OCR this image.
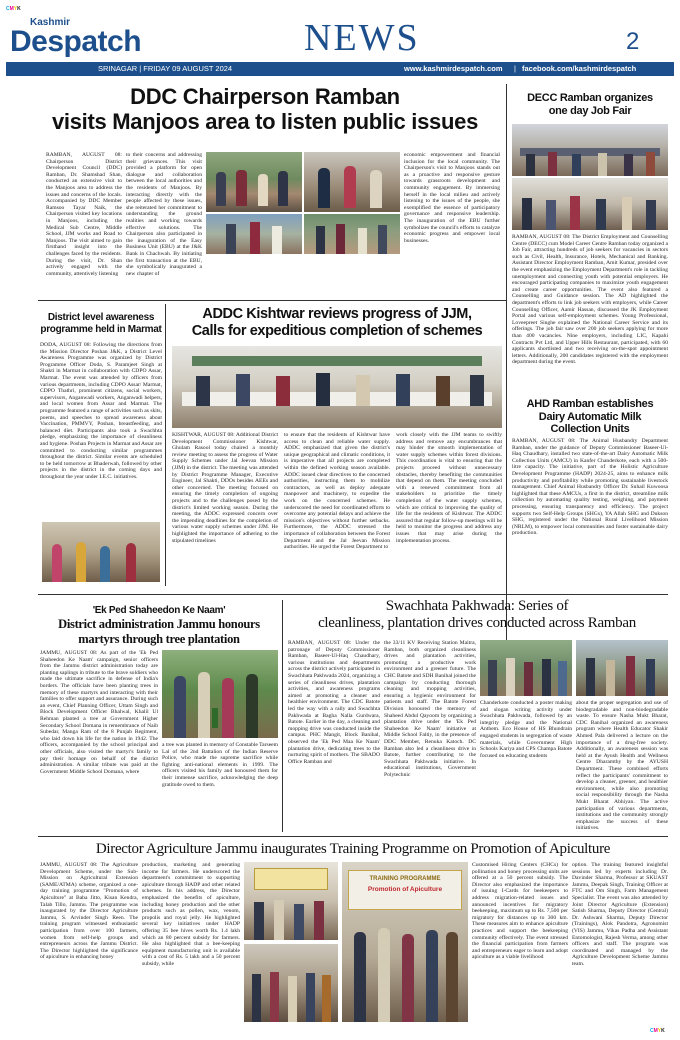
CMYK
Kashmir
Despatch	NEWS	2
SRINAGAR | FRIDAY 09 AUGUST 2024	www.kashmirdespatch.com | facebook.com/kashmirdespatch
DDC Chairperson Ramban
visits Manjoos area to listen public issues
RAMBAN, AUGUST 08: Chairperson District Development Council (DDC) Ramban, Dr. Shamshad Shan, conducted an extensive visit to the Manjoos area to address the issues and concerns of the locals. Accompanied by DDC Member Ramsoo Tayar Naik, the Chairperson visited key locations in Manjoos, including the Medical Sub Centre, Middle School, JJM works and Road to Manjoos. The visit aimed to gain firsthand insight into the challenges faced by the residents. During the visit, Dr. Shan actively engaged with the community, attentively listening
to their concerns and addressing their grievances. This visit provided a platform for open dialogue and collaboration between the local authorities and the residents of Manjoos. By interacting directly with the people affected by these issues, she reiterated her commitment to understanding the ground realities and working towards effective solutions. The Chairperson also participated in the inauguration of the Easy Business Unit (EBU) at the J&K Bank in Chachwah. By initiating the first transaction at the EBU, she symbolically inaugurated a new chapter of
economic empowerment and financial inclusion for the local community. The Chairperson's visit to Manjoos stands out as a proactive and responsive gesture towards grassroots development and community engagement. By immersing herself in the local milieu and actively listening to the issues of the people, she exemplified the essence of participatory governance and responsive leadership. The inauguration of the EBU further symbolizes the council's efforts to catalyze economic progress and empower local businesses.
DECC Ramban organizes
one day Job Fair
RAMBAN, AUGUST 08: The District Employment and Counselling Centre (DECC) cum Model Career Centre Ramban today organized a Job Fair, attracting hundreds of job seekers for vacancies in sectors such as Civil, Health, Insurance, Hotels, Mechanical and Banking. Assistant Director Employment Ramban, Amit Kumar, presided over the event emphasizing the Employment Department's role in tackling unemployment and connecting youth with potential employers. He encouraged participating companies to maximize youth engagement and create career opportunities. The event also featured a Counselling and Guidance session. The AD highlighted the department's efforts to link job seekers with employers, while Career Counselling Officer, Aamir Hassan, discussed the JK Employment Portal and various self-employment schemes. Young Professional, Loveepreet Singhe explained the National Career Service and its offerings. The job fair saw over 200 job seekers applying for more than 400 vacancies. Nine employers, including LIC, Kapahi Contracts Pvt Ltd, and Upper Hills Restaurant, participated, with 60 applicants shortlisted and two receiving on-the-spot appointment letters. Additionally, 200 candidates registered with the employment department during the event.
AHD Ramban establishes
Dairy Automatic Milk
Collection Units
RAMBAN, AUGUST 08: The Animal Husbandry Department Ramban, under the guidance of Deputy Commissioner Baseer-Ul-Haq Chaudhary, installed two state-of-the-art Dairy Automatic Milk Collection Units (AMCU) in Kanfer Chanderkote, each with a 500-litre capacity. The initiative, part of the Holistic Agriculture Development Programme (HADP) 2024-25, aims to enhance milk productivity and profitability while promoting sustainable livestock management. Chief Animal Husbandry Officer Dr. Suhail Kuwoosa highlighted that these AMCUs, a first in the district, streamline milk collection by automating quality testing, weighing, and payment processing, ensuring transparency and efficiency. The project supports two Self-Help Groups (SHGs), YA Allah SHG and Dukson SHG, registered under the National Rural Livelihood Mission (NRLM), to empower local communities and foster sustainable dairy production.
District level awareness
programme held in Marmat
DODA, AUGUST 08: Following the directions from the Mission Director Poshan J&K, a District Level Awareness Programme was organized by District Programme Officer Doda, S. Paramjeet Singh at Shakti in Marmat in collaboration with CDPO Assar, Marmat. The event was attended by officers from various departments, including CDPO Assar/ Marmat, CDPO Thathri, prominent citizens, social workers, supervisors, Anganwadi workers, Anganwadi helpers, and local women from Assar and Marmat. The programme featured a range of activities such as skits, poems, and speeches to spread awareness about Vaccination, PMMVY, Poshan, breastfeeding, and balanced diet. Participants also took a Swachhta pledge, emphasizing the importance of cleanliness and hygiene. Poshan Projects in Marmat and Assar are committed to conducting similar programmes throughout the district. Similar events are scheduled to be held tomorrow at Bhaderwah, followed by other projects in the district in the coming days and throughout the year under I.E.C. initiatives.
ADDC Kishtwar reviews progress of JJM,
Calls for expeditious completion of schemes
KISHTWAR, AUGUST 08: Additional District Development Commissioner Kishtwar, Ghulam Rasool today chaired a monthly review meeting to assess the progress of Water Supply Schemes under Jal Jeevan Mission (JJM) in the district. The meeting was attended by District Programme Manager, Executive Engineer, Jal Shakti, DDOs besides AEEs and other concerned. The meeting focused on ensuring the timely completion of ongoing projects and to the challenges posed by the district's limited working season. During the meeting, the ADDC expressed concern over the impending deadlines for the completion of various water supply schemes under JJM. He highlighted the importance of adhering to the stipulated timelines
to ensure that the residents of Kishtwar have access to clean and reliable water supply. ADDC emphasized that given the district's unique geographical and climatic conditions, it is imperative that all projects are completed within the defined working season available. ADDC issued clear directives to the concerned authorities, instructing them to mobilize contractors, as well as deploy adequate manpower and machinery, to expedite the work on the concerned schemes. He underscored the need for coordinated efforts to overcome any potential delays and achieve the mission's objectives without further setbacks. Furthermore, the ADDC stressed the importance of collaboration between the Forest Department and the Jal Jeevan Mission authorities. He urged the Forest Department to
work closely with the JJM teams to swiftly address and remove any encumbrances that may hinder the smooth implementation of water supply schemes within forest divisions. This coordination is vital to ensuring that the projects proceed without unnecessary obstacles, thereby benefiting the communities that depend on them. The meeting concluded with a renewed commitment from all stakeholders to prioritize the timely completion of the water supply schemes, which are critical to improving the quality of life for the residents of Kishtwar. The ADDC assured that regular follow-up meetings will be held to monitor the progress and address any issues that may arise during the implementation process.
'Ek Ped Shaheedon Ke Naam'
District administration Jammu honours
martyrs through tree plantation
JAMMU, AUGUST 08: As part of the 'Ek Ped Shaheedon Ke Naam' campaign, senior officers from the Jammu district administration today are planting saplings in tribute to the brave soldiers who made the ultimate sacrifice in defense of India's borders. The officials have been planting trees in memory of these martyrs and interacting with their families to offer support and assurance. During such an event, Chief Planning Officer, Uttam Singh and Block Development Officer Bhalwal, Khalil Ul Rehman planted a tree at Government Higher Secondary School Domana in remembrance of Naib Subedar, Manga Ram of the 8 Punjab Regiment, who laid down his life for the nation in 1942. The officers, accompanied by the school principal and other officials, also visited the martyr's family to pay their homage on behalf of the district administration. A similar tribute was paid at the Government Middle School Domana, where
a tree was planted in memory of Constable Tarseem Lal of the 2nd Battalion of the Indian Reserve Police, who made the supreme sacrifice while fighting anti-national elements in 1999. The officers visited his family and honoured them for their immense sacrifice, acknowledging the deep gratitude owed to them.
Swachhata Pakhwada: Series of
cleanliness, plantation drives conducted across Ramban
RAMBAN, AUGUST 08: Under the patronage of Deputy Commissioner Ramban, Baseer-Ul-Haq Chaudhary, various institutions and departments across the district actively participated in Swachhata Pakhwada 2024, organizing a series of cleanliness drives, plantation activities, and awareness programs aimed at promoting a cleaner and healthier environment. The CDC Batote led the way with a rally and Swachhta Pakhwada at Bagha Nalla Gurdwara, Batote. Earlier in the day, a cleaning and mopping drive was conducted inside the campus. PHC Mangit, Block Banihal, observed the 'Ek Ped Maa Ke Naam' plantation drive, dedicating trees to the nurturing spirit of mothers. The SBADO Office Ramban and
the 33/11 KV Receiving Station Maitra, Ramban, both organized cleanliness drives and plantation activities, promoting a productive work environment and a greener future. The CHC Batote and SDH Banihal joined the campaign by conducting thorough cleaning and mopping activities, ensuring a hygienic environment for patients and staff. The Batote Forest Division honoured the memory of Shaheed Abdul Qayoom by organizing a plantation drive under the 'Ek Ped Shaheedon Ke Naam' initiative at Middle School Faltiy, in the presence of DDC Member, Renuka Katoch. DC Ramban also led a cleanliness drive in Batote, further contributing to the Swachhata Pakhwada initiative. In educational institutions, Government Polytechnic
Chanderkote conducted a poster making and slogan writing activity under Swachhata Pakhwada, followed by an integrity pledge and the National Anthem. Eco House of HS Bhundrain engaged students in segregation of waste materials, while Government High Schools Kariya and CPS Champa Batote focused on educating students
about the proper segregation and use of biodegradable and non-biodegradable waste. To ensure Nasha Mukt Bharat, CDC Banihal organized an awareness program where Health Educator Shakir Ahmed Pala delivered a lecture on the importance of a drug-free society. Additionally, an awareness session was held at the Ayush Health and Wellness Centre Dharamthy by the AYUSH Department. These combined efforts reflect the participants' commitment to develop a cleaner, greener, and healthier environment, while also promoting social responsibility through the Nasha Mukt Bharat Abhiyan. The active participation of various departments, institutions and the community strongly emphasize the success of these initiatives.
Director Agriculture Jammu inaugurates Training Programme on Promotion of Apiculture
JAMMU, AUGUST 08: The Agriculture Development Scheme, under the Sub-Mission on Agricultural Extension (SAME/ATMA) scheme, organized a one-day training programme "Promotion of Apiculture" at Baba Jitto, Kisan Kendra, Talab Tillo, Jammu. The programme was inaugurated by the Director Agriculture Jammu, S. Arvinder Singh Reen. The training program witnessed enthusiastic participation from over 100 farmers, women from self-help groups and entrepreneurs across the Jammu District. The Director highlighted the significance of apiculture in enhancing honey
production, marketing and generating income for farmers. He underscored the department's commitment to supporting apiculture through HADP and other related schemes. In his address, the Director emphasized the benefits of apiculture, including honey production and the other products such as pollen, wax, venom, propolis and royal jelly. He highlighted several key initiatives under HADP offering 35 bee hives worth Rs. 1.4 lakh which an 80 percent subsidy for farmers. He also highlighted that a bee-keeping equipment manufacturing unit is available with a cost of Rs. 5 lakh and a 50 percent subsidy, while
TRAINING PROGRAMME
Promotion of Apiculture
Customised Hiring Centers (CHCs) for pollination and honey processing units are offered at a 50 percent subsidy. The Director also emphasized the importance of issuing I-Cards for beekeepers to address migration-related issues and announced incentives for migratory beekeeping, maximum up to Rs. 7,500 per migratory for distances up to 300 km. These measures aim to enhance apiculture practices and support the beekeeping community effectively. The event stressed the financial participation from farmers and entrepreneurs eager to learn and adopt apiculture as a viable livelihood
option. The training featured insightful sessions led by experts including Dr. Davinder Sharma, Professor at SKUAST Jammu, Deepak Singh, Training Officer at FTC and Om Singh, Farm Management Specialist. The event was also attended by Joint Director Agriculture (Extension) Satish Sharma, Deputy Director (Central) Dr. Ashwani Sharma, Deputy Director (Trainings), Alok Pandotra, Agronomist (VIS) Jammu, Vikas Padha and Assistant Entomologist, Rajesh Verma, among other officers and staff. The program was coordinated and managed by the Agriculture Development Scheme Jammu team.
CMYK
